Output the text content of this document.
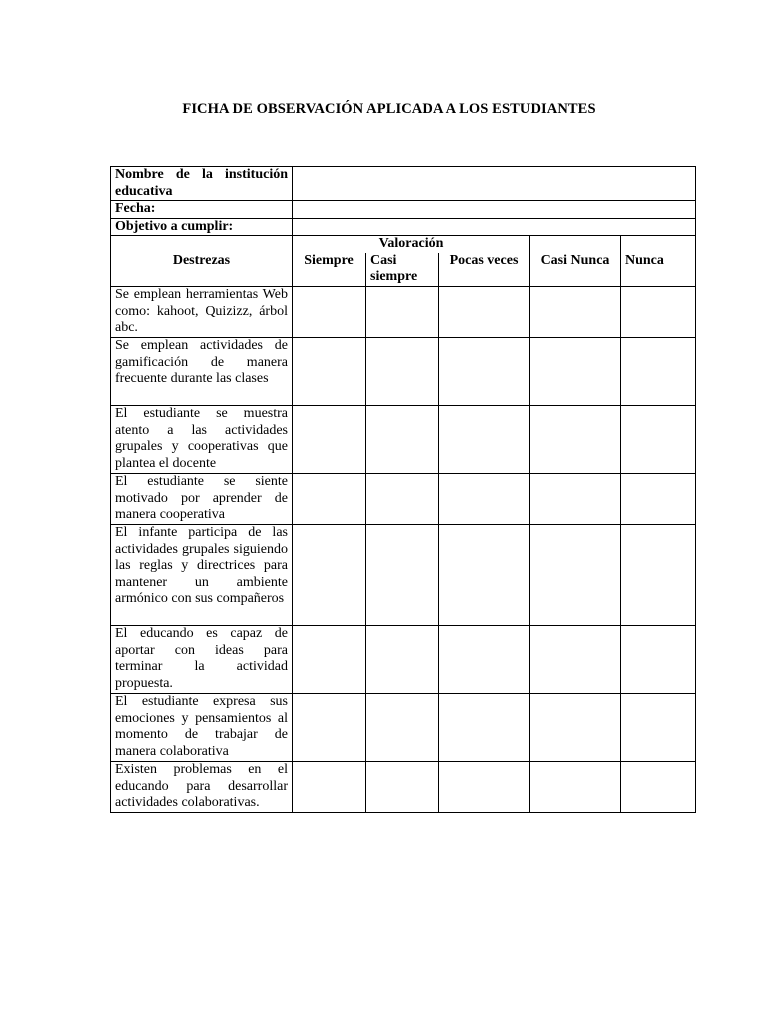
FICHA DE OBSERVACIÓN APLICADA A LOS ESTUDIANTES
Nombre de la institución educativa					
Fecha:					
Objetivo a cumplir:					
Destrezas	Valoración				
	Siempre	Casi siempre	Pocas veces	Casi Nunca	Nunca
Se emplean herramientas Web como: kahoot, Quizizz, árbol abc.					
Se emplean actividades de gamificación de manera frecuente durante las clases					
El estudiante se muestra atento a las actividades grupales y cooperativas que plantea el docente					
El estudiante se siente motivado por aprender de manera cooperativa					
El infante participa de las actividades grupales siguiendo las reglas y directrices para mantener un ambiente armónico con sus compañeros					
El educando es capaz de aportar con ideas para terminar la actividad propuesta.					
El estudiante expresa sus emociones y pensamientos al momento de trabajar de manera colaborativa					
Existen problemas en el educando para desarrollar actividades colaborativas.					
